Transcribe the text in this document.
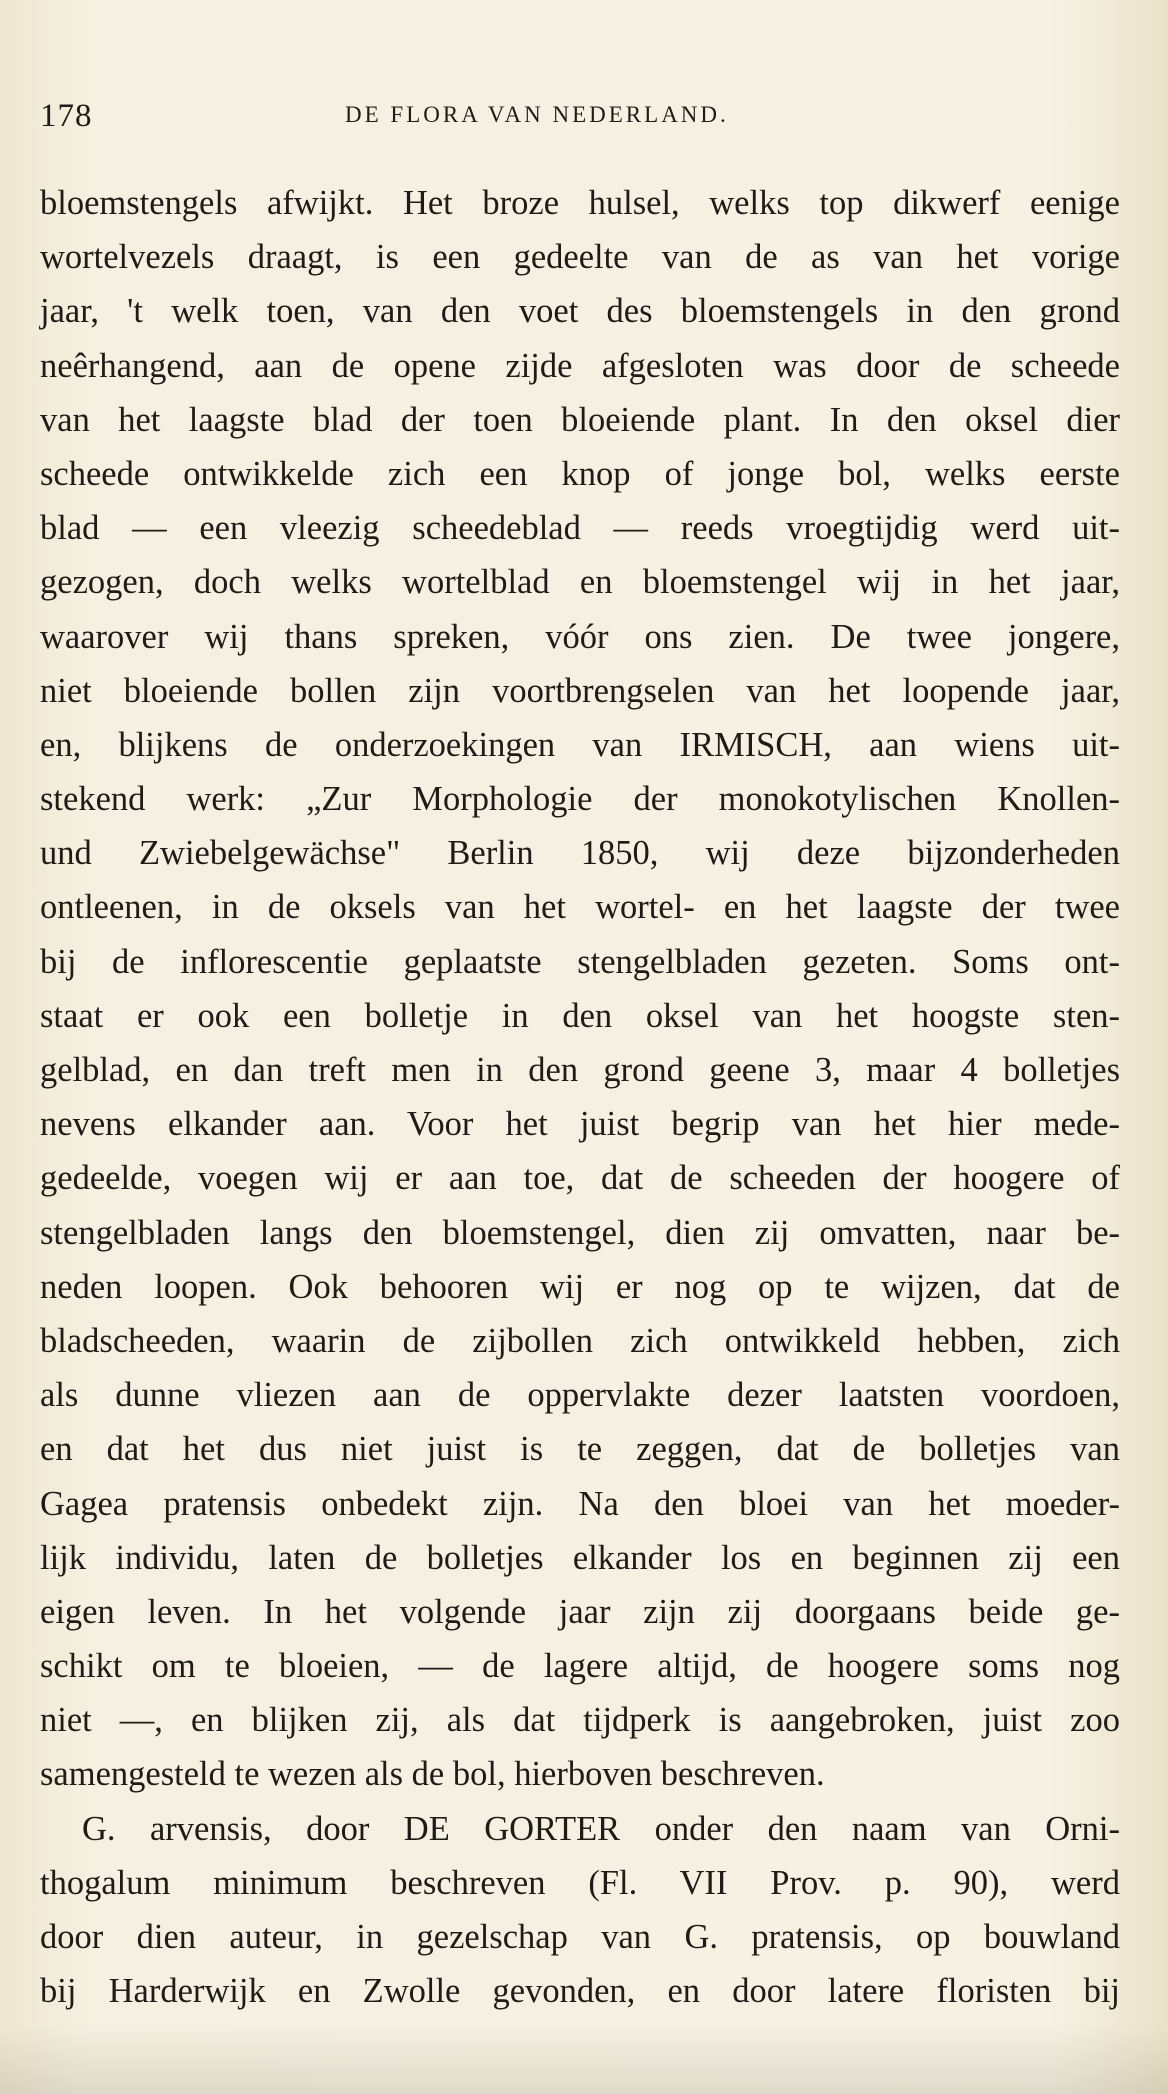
178	DE FLORA VAN NEDERLAND.
bloemstengels afwijkt. Het broze hulsel, welks top dikwerf eenige
wortelvezels draagt, is een gedeelte van de as van het vorige
jaar, 't welk toen, van den voet des bloemstengels in den grond
neêrhangend, aan de opene zijde afgesloten was door de scheede
van het laagste blad der toen bloeiende plant. In den oksel dier
scheede ontwikkelde zich een knop of jonge bol, welks eerste
blad — een vleezig scheedeblad — reeds vroegtijdig werd uit-
gezogen, doch welks wortelblad en bloemstengel wij in het jaar,
waarover wij thans spreken, vóór ons zien. De twee jongere,
niet bloeiende bollen zijn voortbrengselen van het loopende jaar,
en, blijkens de onderzoekingen van IRMISCH, aan wiens uit-
stekend werk: „Zur Morphologie der monokotylischen Knollen-
und Zwiebelgewächse" Berlin 1850, wij deze bijzonderheden
ontleenen, in de oksels van het wortel- en het laagste der twee
bij de inflorescentie geplaatste stengelbladen gezeten. Soms ont-
staat er ook een bolletje in den oksel van het hoogste sten-
gelblad, en dan treft men in den grond geene 3, maar 4 bolletjes
nevens elkander aan. Voor het juist begrip van het hier mede-
gedeelde, voegen wij er aan toe, dat de scheeden der hoogere of
stengelbladen langs den bloemstengel, dien zij omvatten, naar be-
neden loopen. Ook behooren wij er nog op te wijzen, dat de
bladscheeden, waarin de zijbollen zich ontwikkeld hebben, zich
als dunne vliezen aan de oppervlakte dezer laatsten voordoen,
en dat het dus niet juist is te zeggen, dat de bolletjes van
Gagea pratensis onbedekt zijn. Na den bloei van het moeder-
lijk individu, laten de bolletjes elkander los en beginnen zij een
eigen leven. In het volgende jaar zijn zij doorgaans beide ge-
schikt om te bloeien, — de lagere altijd, de hoogere soms nog
niet —, en blijken zij, als dat tijdperk is aangebroken, juist zoo
samengesteld te wezen als de bol, hierboven beschreven.
G. arvensis, door DE GORTER onder den naam van Orni-
thogalum minimum beschreven (Fl. VII Prov. p. 90), werd
door dien auteur, in gezelschap van G. pratensis, op bouwland
bij Harderwijk en Zwolle gevonden, en door latere floristen bij
